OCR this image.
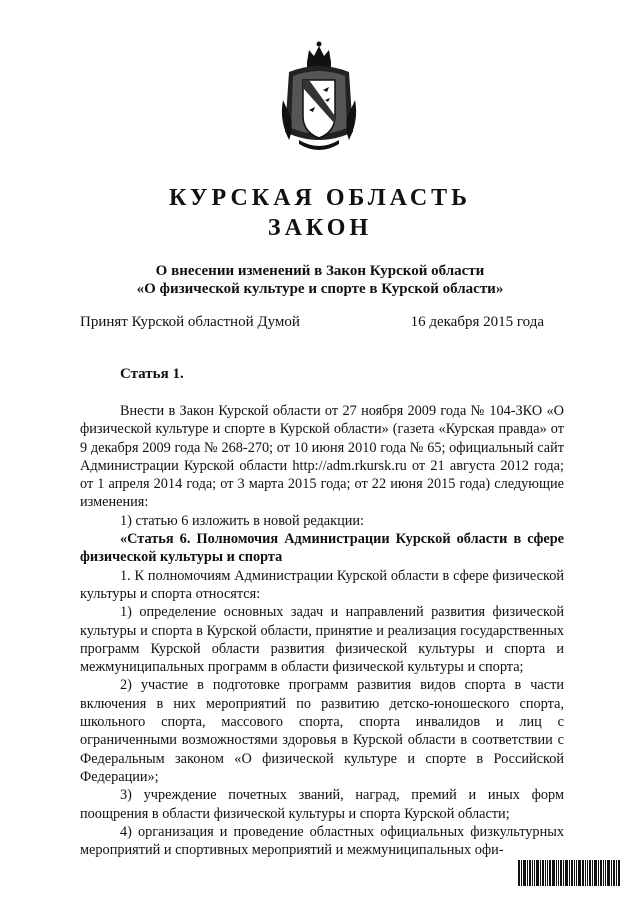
КУРСКАЯ ОБЛАСТЬ
ЗАКОН
О внесении изменений в Закон Курской области
«О физической культуре и спорте в Курской области»
Принят Курской областной Думой	16 декабря 2015 года
Статья 1.

Внести в Закон Курской области от 27 ноября 2009 года № 104-ЗКО «О физической культуре и спорте в Курской области» (газета «Курская правда» от 9 декабря 2009 года № 268-270; от 10 июня 2010 года № 65; официальный сайт Администрации Курской области http://adm.rkursk.ru от 21 августа 2012 года; от 1 апреля 2014 года; от 3 марта 2015 года; от 22 июня 2015 года) следующие изменения:

1) статью 6 изложить в новой редакции:

«Статья 6. Полномочия Администрации Курской области в сфере физической культуры и спорта

1. К полномочиям Администрации Курской области в сфере физической культуры и спорта относятся:

1) определение основных задач и направлений развития физической культуры и спорта в Курской области, принятие и реализация государственных программ Курской области развития физической культуры и спорта и межмуниципальных программ в области физической культуры и спорта;

2) участие в подготовке программ развития видов спорта в части включения в них мероприятий по развитию детско-юношеского спорта, школьного спорта, массового спорта, спорта инвалидов и лиц с ограниченными возможностями здоровья в Курской области в соответствии с Федеральным законом «О физической культуре и спорте в Российской Федерации»;

3) учреждение почетных званий, наград, премий и иных форм поощрения в области физической культуры и спорта Курской области;

4) организация и проведение областных официальных физкультурных мероприятий и спортивных мероприятий и межмуниципальных офи-
